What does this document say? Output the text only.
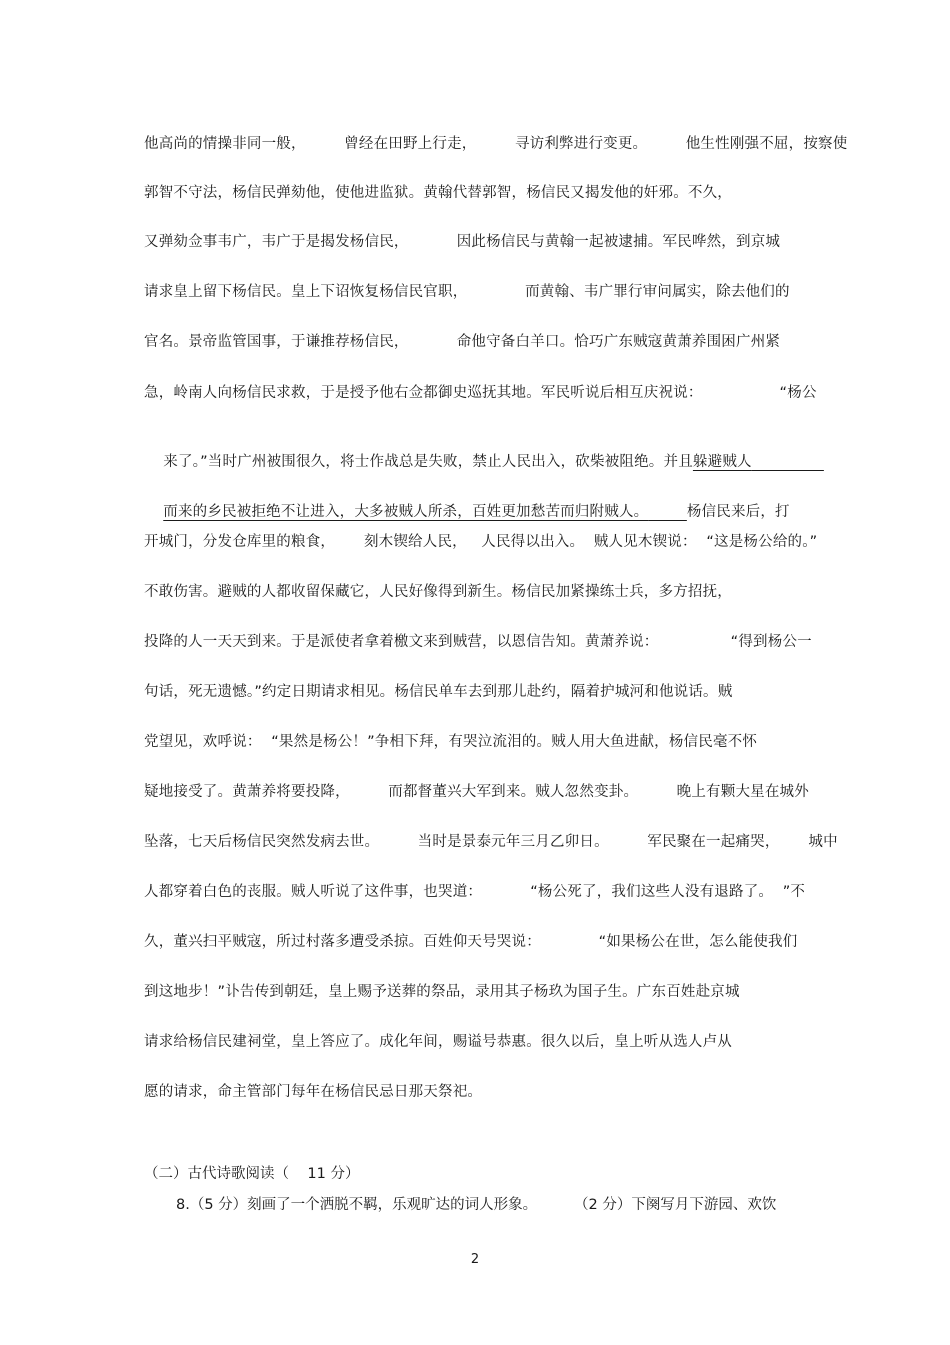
他高尚的情操非同一般，        曾经在田野上行走，        寻访利弊进行变更。        他生性刚强不屈，按察使
郭智不守法，杨信民弹劾他，使他进监狱。黄翰代替郭智，杨信民又揭发他的奸邪。不久，
又弹劾佥事韦广，韦广于是揭发杨信民，          因此杨信民与黄翰一起被逮捕。军民哗然，到京城
请求皇上留下杨信民。皇上下诏恢复杨信民官职，            而黄翰、韦广罪行审问属实，除去他们的
官名。景帝监管国事，于谦推荐杨信民，          命他守备白羊口。恰巧广东贼寇黄萧养围困广州紧
急，岭南人向杨信民求救，于是授予他右佥都御史巡抚其地。军民听说后相互庆祝说：                “杨公

来了。”当时广州被围很久，将士作战总是失败，禁止人民出入，砍柴被阻绝。并且躲避贼人

而来的乡民被拒绝不让进入，大多被贼人所杀，百姓更加愁苦而归附贼人。	杨信民来后，打

开城门，分发仓库里的粮食，      刻木锲给人民，   人民得以出入。  贼人见木锲说：  “这是杨公给的。”
不敢伤害。避贼的人都收留保藏它，人民好像得到新生。杨信民加紧操练士兵，多方招抚，
投降的人一天天到来。于是派使者拿着檄文来到贼营，以恩信告知。黄萧养说：               “得到杨公一
句话，死无遗憾。”约定日期请求相见。杨信民单车去到那儿赴约，隔着护城河和他说话。贼
党望见，欢呼说：  “果然是杨公！”争相下拜，有哭泣流泪的。贼人用大鱼进献，杨信民毫不怀
疑地接受了。黄萧养将要投降，        而都督董兴大军到来。贼人忽然变卦。        晚上有颗大星在城外
坠落，七天后杨信民突然发病去世。        当时是景泰元年三月乙卯日。        军民聚在一起痛哭，      城中
人都穿着白色的丧服。贼人听说了这件事，也哭道：          “杨公死了，我们这些人没有退路了。  ”不
久，董兴扫平贼寇，所过村落多遭受杀掠。百姓仰天号哭说：            “如果杨公在世，怎么能使我们
到这地步！”讣告传到朝廷，皇上赐予送葬的祭品，录用其子杨玖为国子生。广东百姓赴京城
请求给杨信民建祠堂，皇上答应了。成化年间，赐谥号恭惠。很久以后，皇上听从选人卢从
愿的请求，命主管部门每年在杨信民忌日那天祭祀。
（二）古代诗歌阅读（    11 分）
8.（5 分）刻画了一个洒脱不羁，乐观旷达的词人形象。        （2 分）下阕写月下游园、欢饮
2
